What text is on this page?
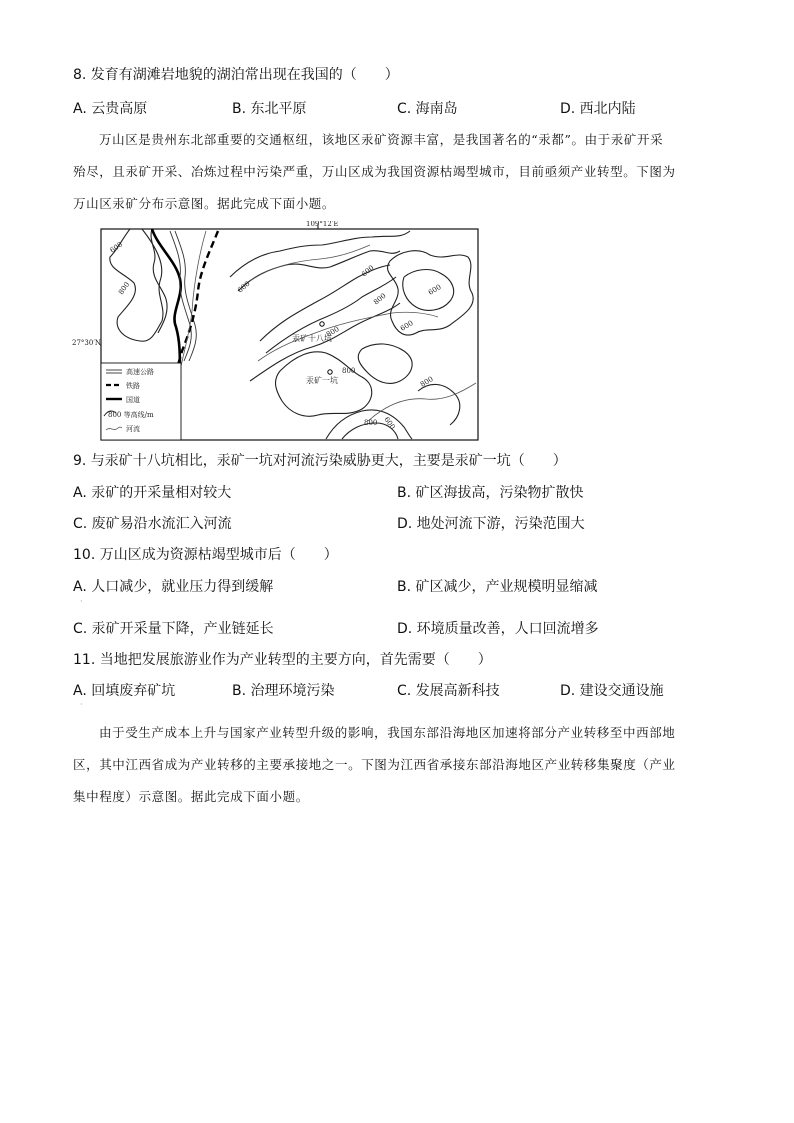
8. 发育有湖滩岩地貌的湖泊常出现在我国的（　　）
A. 云贵高原	B. 东北平原	C. 海南岛	D. 西北内陆
万山区是贵州东北部重要的交通枢纽，该地区汞矿资源丰富，是我国著名的“汞都”。由于汞矿开采
殆尽，且汞矿开采、冶炼过程中污染严重，万山区成为我国资源枯竭型城市，目前亟须产业转型。下图为
万山区汞矿分布示意图。据此完成下面小题。
109°12′E
600
800	600
600
800
600
800
800
600
800
800
600
汞矿十八坑
汞矿一坑
高速公路
铁路
国道
800 等高线/m
河流
27°30′N
9. 与汞矿十八坑相比，汞矿一坑对河流污染威胁更大，主要是汞矿一坑（　　）
A. 汞矿的开采量相对较大	B. 矿区海拔高，污染物扩散快
C. 废矿易沿水流汇入河流	D. 地处河流下游，污染范围大
10. 万山区成为资源枯竭型城市后（　　）
A. 人口减少，就业压力得到缓解	B. 矿区减少，产业规模明显缩减
·
C. 汞矿开采量下降，产业链延长	D. 环境质量改善，人口回流增多
11. 当地把发展旅游业作为产业转型的主要方向，首先需要（　　）
A. 回填废弃矿坑	B. 治理环境污染	C. 发展高新科技	D. 建设交通设施
·
由于受生产成本上升与国家产业转型升级的影响，我国东部沿海地区加速将部分产业转移至中西部地
区，其中江西省成为产业转移的主要承接地之一。下图为江西省承接东部沿海地区产业转移集聚度（产业
集中程度）示意图。据此完成下面小题。
